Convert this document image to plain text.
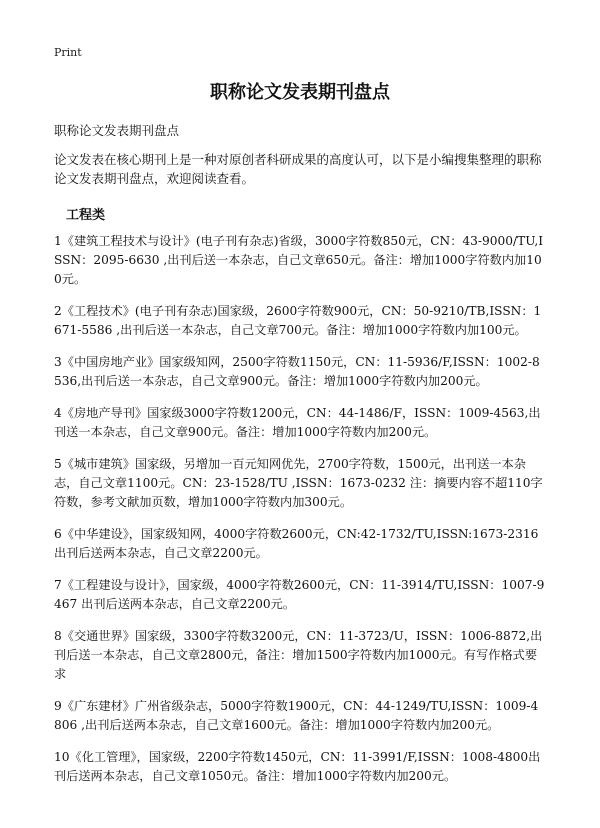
Print
职称论文发表期刊盘点
职称论文发表期刊盘点
论文发表在核心期刊上是一种对原创者科研成果的高度认可，以下是小编搜集整理的职称论文发表期刊盘点，欢迎阅读查看。
工程类

1《建筑工程技术与设计》(电子刊有杂志)省级，3000字符数850元，CN：43-9000/TU,ISSN：2095-6630 ,出刊后送一本杂志，自己文章650元。备注：增加1000字符数内加100元。

2《工程技术》(电子刊有杂志)国家级，2600字符数900元，CN：50-9210/TB,ISSN：1671-5586 ,出刊后送一本杂志，自己文章700元。备注：增加1000字符数内加100元。

3《中国房地产业》国家级知网，2500字符数1150元，CN：11-5936/F,ISSN：1002-8536,出刊后送一本杂志，自己文章900元。备注：增加1000字符数内加200元。

4《房地产导刊》国家级3000字符数1200元，CN：44-1486/F，ISSN：1009-4563,出刊送一本杂志，自己文章900元。备注：增加1000字符数内加200元。

5《城市建筑》国家级，另增加一百元知网优先，2700字符数，1500元，出刊送一本杂志，自己文章1100元。CN：23-1528/TU ,ISSN：1673-0232 注：摘要内容不超110字符数，参考文献加页数，增加1000字符数内加300元。

6《中华建设》，国家级知网，4000字符数2600元，CN:42-1732/TU,ISSN:1673-2316 出刊后送两本杂志，自己文章2200元。

7《工程建设与设计》，国家级，4000字符数2600元，CN：11-3914/TU,ISSN：1007-9467 出刊后送两本杂志，自己文章2200元。

8《交通世界》国家级，3300字符数3200元，CN：11-3723/U，ISSN：1006-8872,出刊后送一本杂志，自己文章2800元，备注：增加1500字符数内加1000元。有写作格式要求

9《广东建材》广州省级杂志，5000字符数1900元，CN：44-1249/TU,ISSN：1009-4806 ,出刊后送两本杂志，自己文章1600元。备注：增加1000字符数内加200元。

10《化工管理》，国家级，2200字符数1450元，CN：11-3991/F,ISSN：1008-4800出刊后送两本杂志，自己文章1050元。备注：增加1000字符数内加200元。
